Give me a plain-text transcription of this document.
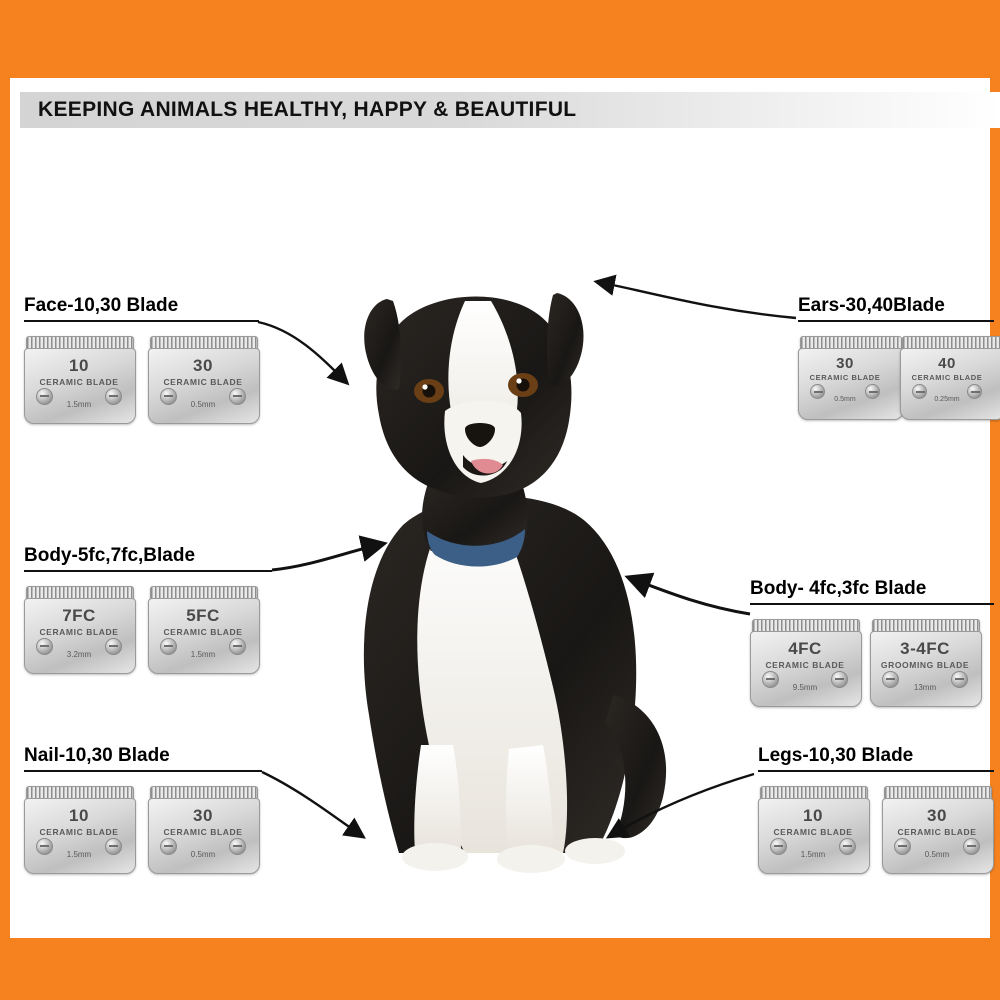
KEEPING ANIMALS HEALTHY, HAPPY & BEAUTIFUL
Face-10,30 Blade
10
CERAMIC BLADE
1.5mm
30
CERAMIC BLADE
0.5mm
Ears-30,40Blade
30
CERAMIC BLADE
0.5mm
40
CERAMIC BLADE
0.25mm
Body-5fc,7fc,Blade
7FC
CERAMIC BLADE
3.2mm
5FC
CERAMIC BLADE
1.5mm
Body- 4fc,3fc Blade
4FC
CERAMIC BLADE
9.5mm
3-4FC
GROOMING BLADE
13mm
Nail-10,30 Blade
10
CERAMIC BLADE
1.5mm
30
CERAMIC BLADE
0.5mm
Legs-10,30 Blade
10
CERAMIC BLADE
1.5mm
30
CERAMIC BLADE
0.5mm
